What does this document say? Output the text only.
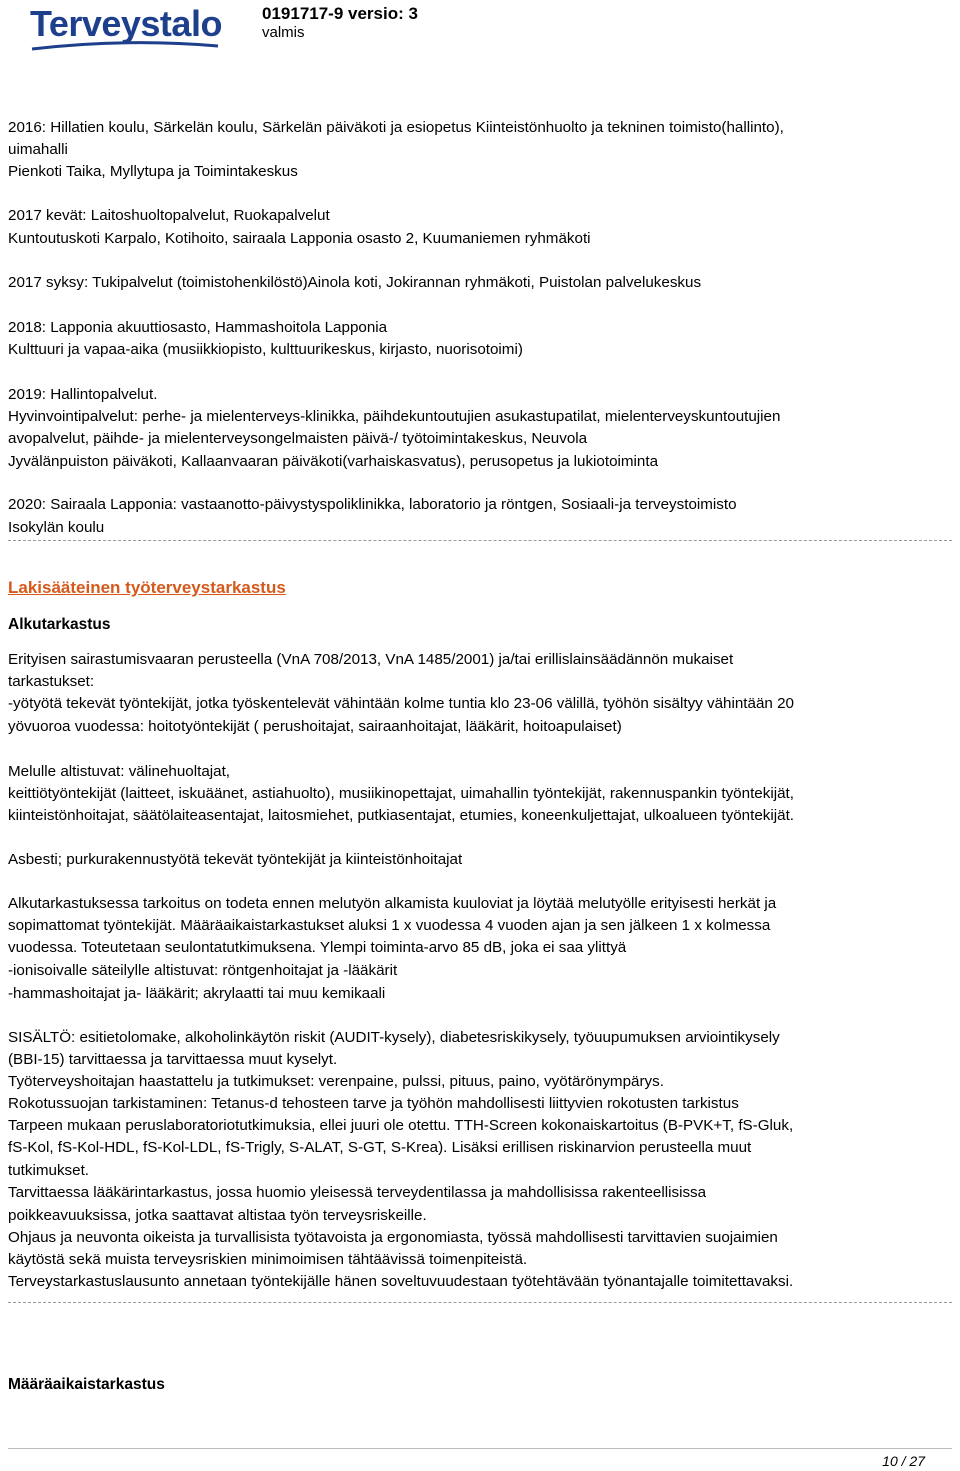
Terveystalo 0191717-9 versio: 3
valmis

2016: Hillatien koulu, Särkelän koulu, Särkelän päiväkoti ja esiopetus Kiinteistönhuolto ja tekninen toimisto(hallinto),

uimahalli

Pienkoti Taika, Myllytupa ja Toimintakeskus

2017 kevät: Laitoshuoltopalvelut, Ruokapalvelut

Kuntoutuskoti Karpalo, Kotihoito, sairaala Lapponia osasto 2, Kuumaniemen ryhmäkoti

2017 syksy: Tukipalvelut (toimistohenkilöstö)Ainola koti, Jokirannan ryhmäkoti, Puistolan palvelukeskus

2018: Lapponia akuuttiosasto, Hammashoitola Lapponia

Kulttuuri ja vapaa-aika (musiikkiopisto, kulttuurikeskus, kirjasto, nuorisotoimi)

2019: Hallintopalvelut.

Hyvinvointipalvelut: perhe- ja mielenterveys-klinikka, päihdekuntoutujien asukastupatilat, mielenterveyskuntoutujien

avopalvelut, päihde- ja mielenterveysongelmaisten päivä-/ työtoimintakeskus, Neuvola

Jyvälänpuiston päiväkoti, Kallaanvaaran päiväkoti(varhaiskasvatus), perusopetus ja lukiotoiminta

2020: Sairaala Lapponia: vastaanotto-päivystyspoliklinikka, laboratorio ja röntgen, Sosiaali-ja terveystoimisto

Isokylän koulu

Lakisääteinen työterveystarkastus
Alkutarkastus

Erityisen sairastumisvaaran perusteella (VnA 708/2013, VnA 1485/2001) ja/tai erillislainsäädännön mukaiset

tarkastukset:

-yötyötä tekevät työntekijät, jotka työskentelevät vähintään kolme tuntia klo 23-06 välillä, työhön sisältyy vähintään 20

yövuoroa vuodessa: hoitotyöntekijät ( perushoitajat, sairaanhoitajat, lääkärit, hoitoapulaiset)

Melulle altistuvat: välinehuoltajat,

keittiötyöntekijät (laitteet, iskuäänet, astiahuolto), musiikinopettajat, uimahallin työntekijät, rakennuspankin työntekijät,

kiinteistönhoitajat, säätölaiteasentajat, laitosmiehet, putkiasentajat, etumies, koneenkuljettajat, ulkoalueen työntekijät.

Asbesti; purkurakennustyötä tekevät työntekijät ja kiinteistönhoitajat

Alkutarkastuksessa tarkoitus on todeta ennen melutyön alkamista kuuloviat ja löytää melutyölle erityisesti herkät ja

sopimattomat työntekijät. Määräaikaistarkastukset aluksi 1 x vuodessa 4 vuoden ajan ja sen jälkeen 1 x kolmessa

vuodessa. Toteutetaan seulontatutkimuksena. Ylempi toiminta-arvo 85 dB, joka ei saa ylittyä

-ionisoivalle säteilylle altistuvat: röntgenhoitajat ja -lääkärit

-hammashoitajat ja- lääkärit; akrylaatti tai muu kemikaali

SISÄLTÖ: esitietolomake, alkoholinkäytön riskit (AUDIT-kysely), diabetesriskikysely, työuupumuksen arviointikysely

(BBI-15) tarvittaessa ja tarvittaessa muut kyselyt.

Työterveyshoitajan haastattelu ja tutkimukset: verenpaine, pulssi, pituus, paino, vyötärönympärys.

Rokotussuojan tarkistaminen: Tetanus-d tehosteen tarve ja työhön mahdollisesti liittyvien rokotusten tarkistus

Tarpeen mukaan peruslaboratoriotutkimuksia, ellei juuri ole otettu. TTH-Screen kokonaiskartoitus (B-PVK+T, fS-Gluk,

fS-Kol, fS-Kol-HDL, fS-Kol-LDL, fS-Trigly, S-ALAT, S-GT, S-Krea). Lisäksi erillisen riskinarvion perusteella muut

tutkimukset.

Tarvittaessa lääkärintarkastus, jossa huomio yleisessä terveydentilassa ja mahdollisissa rakenteellisissa

poikkeavuuksissa, jotka saattavat altistaa työn terveysriskeille.

Ohjaus ja neuvonta oikeista ja turvallisista työtavoista ja ergonomiasta, työssä mahdollisesti tarvittavien suojaimien

käytöstä sekä muista terveysriskien minimoimisen tähtäävissä toimenpiteistä.

Terveystarkastuslausunto annetaan työntekijälle hänen soveltuvuudestaan työtehtävään työnantajalle toimitettavaksi.

Määräaikaistarkastus
10 / 27
